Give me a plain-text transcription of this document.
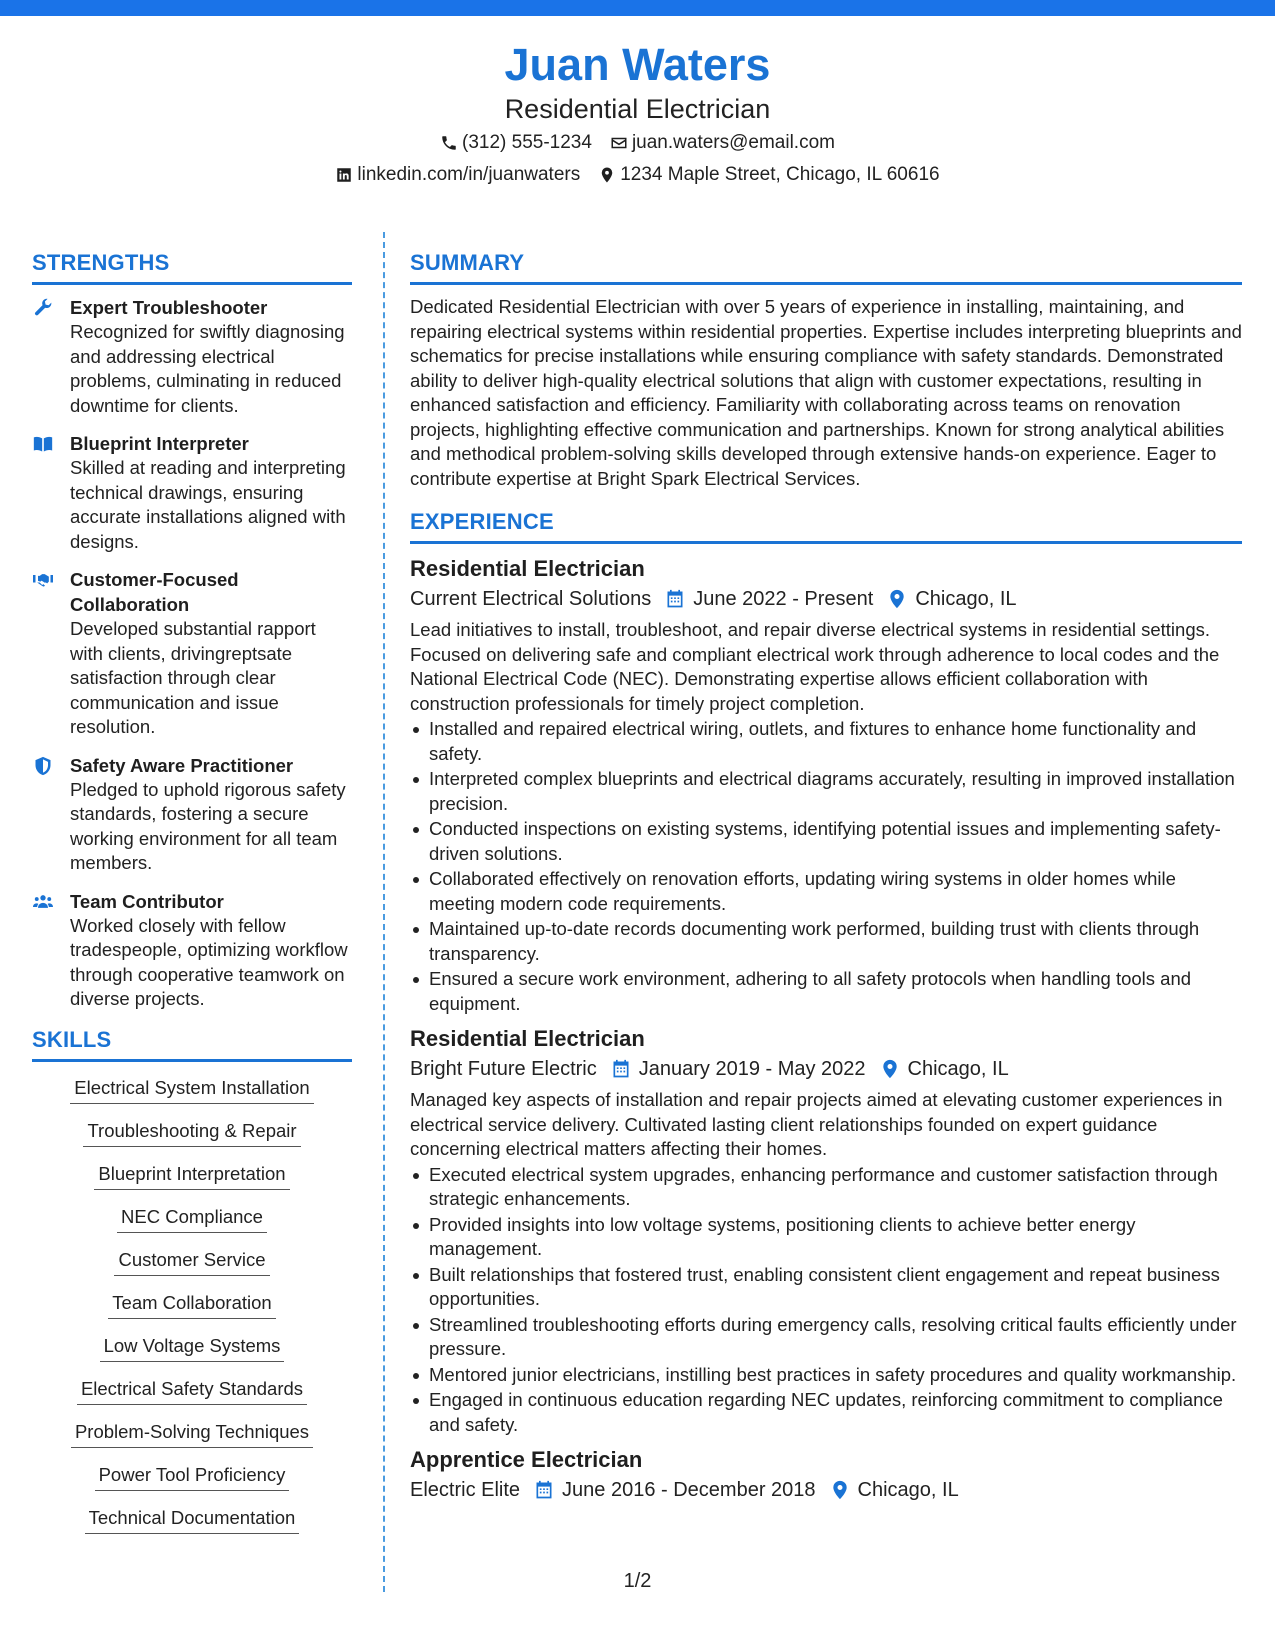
Juan Waters
Residential Electrician
(312) 555-1234 juan.waters@email.com
linkedin.com/in/juanwaters 1234 Maple Street, Chicago, IL 60616
STRENGTHS
Expert Troubleshooter
Recognized for swiftly diagnosing and addressing electrical problems, culminating in reduced downtime for clients.
Blueprint Interpreter
Skilled at reading and interpreting technical drawings, ensuring accurate installations aligned with designs.
Customer-Focused Collaboration
Developed substantial rapport with clients, drivingreptsate satisfaction through clear communication and issue resolution.
Safety Aware Practitioner
Pledged to uphold rigorous safety standards, fostering a secure working environment for all team members.
Team Contributor
Worked closely with fellow tradespeople, optimizing workflow through cooperative teamwork on diverse projects.
SKILLS
Electrical System Installation
Troubleshooting & Repair
Blueprint Interpretation
NEC Compliance
Customer Service
Team Collaboration
Low Voltage Systems
Electrical Safety Standards
Problem-Solving Techniques
Power Tool Proficiency
Technical Documentation
SUMMARY

Dedicated Residential Electrician with over 5 years of experience in installing, maintaining, and repairing electrical systems within residential properties. Expertise includes interpreting blueprints and schematics for precise installations while ensuring compliance with safety standards. Demonstrated ability to deliver high-quality electrical solutions that align with customer expectations, resulting in enhanced satisfaction and efficiency. Familiarity with collaborating across teams on renovation projects, highlighting effective communication and partnerships. Known for strong analytical abilities and methodical problem-solving skills developed through extensive hands-on experience. Eager to contribute expertise at Bright Spark Electrical Services.

EXPERIENCE
Residential Electrician
Current Electrical Solutions June 2022 - Present Chicago, IL

Lead initiatives to install, troubleshoot, and repair diverse electrical systems in residential settings. Focused on delivering safe and compliant electrical work through adherence to local codes and the National Electrical Code (NEC). Demonstrating expertise allows efficient collaboration with construction professionals for timely project completion.

Installed and repaired electrical wiring, outlets, and fixtures to enhance home functionality and safety.
Interpreted complex blueprints and electrical diagrams accurately, resulting in improved installation precision.
Conducted inspections on existing systems, identifying potential issues and implementing safety-driven solutions.
Collaborated effectively on renovation efforts, updating wiring systems in older homes while meeting modern code requirements.
Maintained up-to-date records documenting work performed, building trust with clients through transparency.
Ensured a secure work environment, adhering to all safety protocols when handling tools and equipment.
Residential Electrician
Bright Future Electric January 2019 - May 2022 Chicago, IL

Managed key aspects of installation and repair projects aimed at elevating customer experiences in electrical service delivery. Cultivated lasting client relationships founded on expert guidance concerning electrical matters affecting their homes.

Executed electrical system upgrades, enhancing performance and customer satisfaction through strategic enhancements.
Provided insights into low voltage systems, positioning clients to achieve better energy management.
Built relationships that fostered trust, enabling consistent client engagement and repeat business opportunities.
Streamlined troubleshooting efforts during emergency calls, resolving critical faults efficiently under pressure.
Mentored junior electricians, instilling best practices in safety procedures and quality workmanship.
Engaged in continuous education regarding NEC updates, reinforcing commitment to compliance and safety.
Apprentice Electrician
Electric Elite June 2016 - December 2018 Chicago, IL
1/2
